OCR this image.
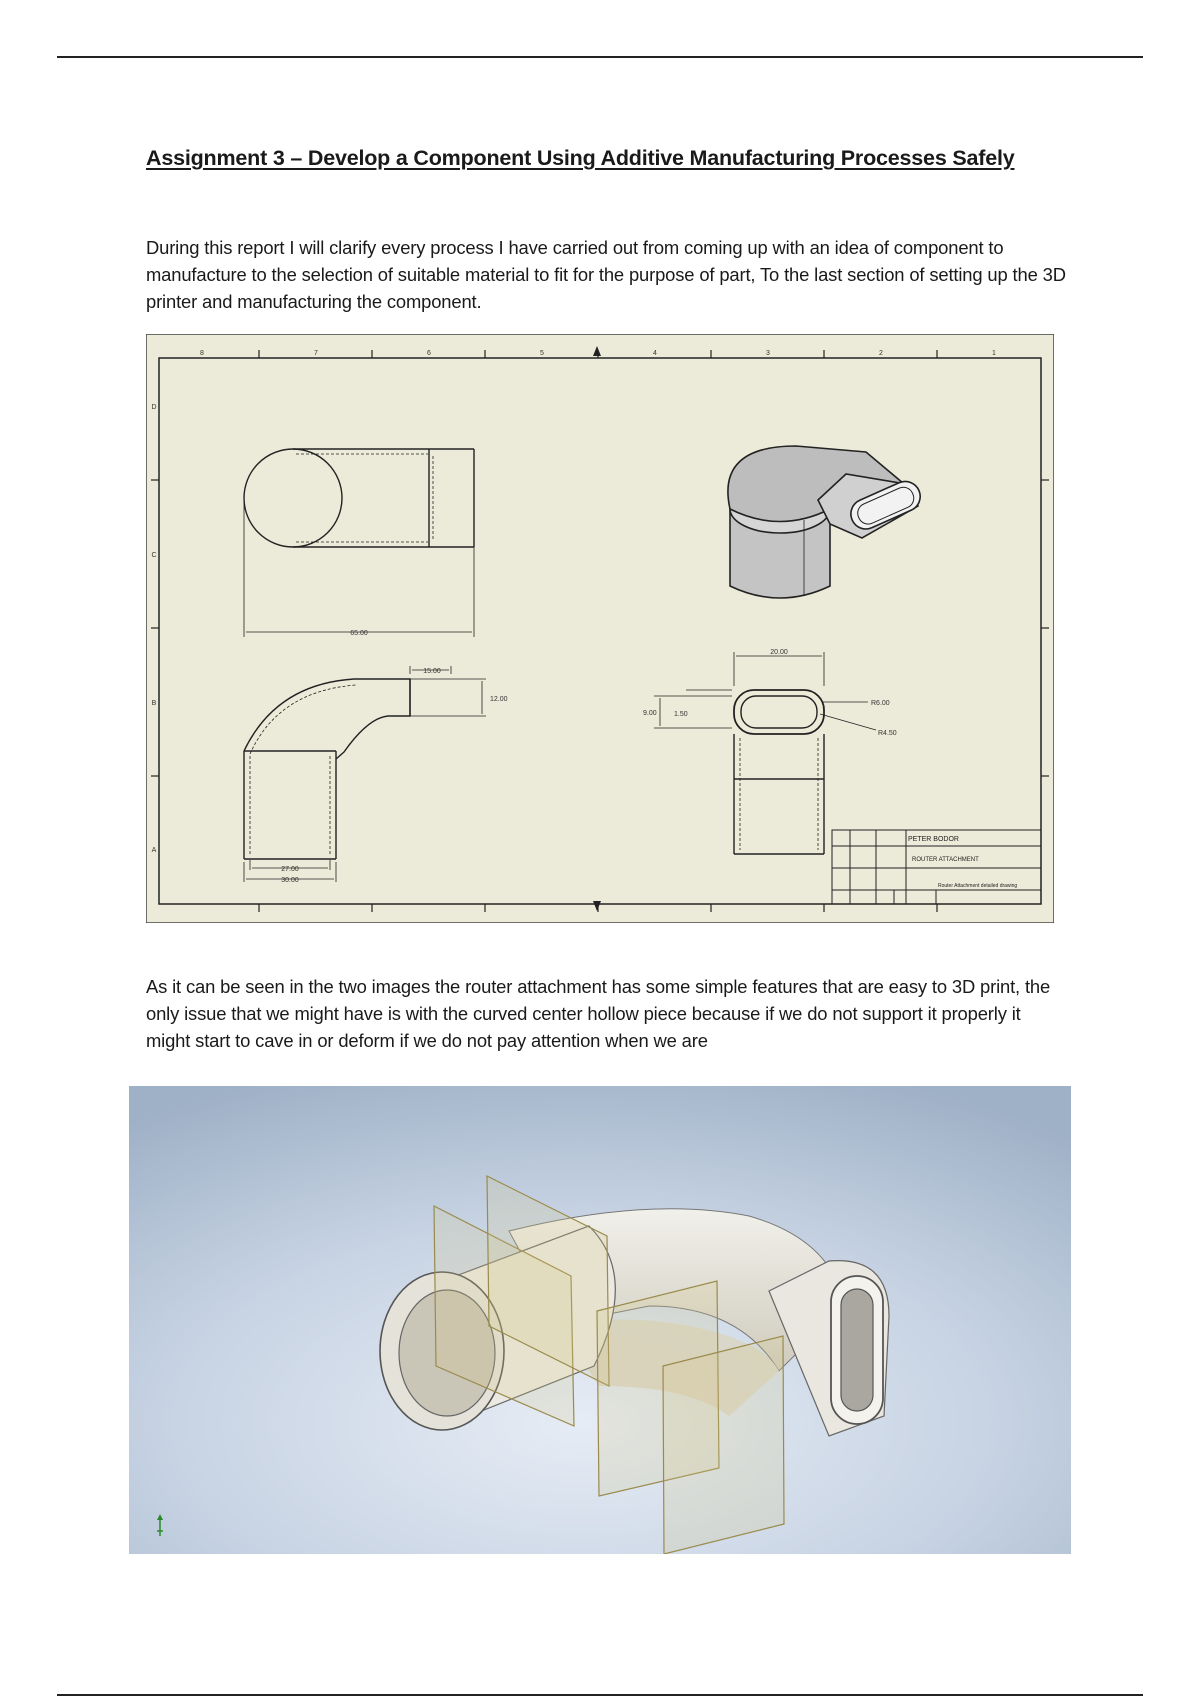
Assignment 3 – Develop a Component Using Additive Manufacturing Processes Safely
During this report I will clarify every process I have carried out from coming up with an idea of component to manufacture to the selection of suitable material to fit for the purpose of part, To the last section of setting up the 3D printer and manufacturing the component.
8	7	6	5	4	3	2	1
D
C
B
A
65.00
15.00
12.00
27.00
30.00
20.00
9.00 1.50
R6.00
R4.50
PETER BODOR
ROUTER ATTACHMENT
Router Attachment detailed drawing
As it can be seen in the two images the router attachment has some simple features that are easy to 3D print, the only issue that we might have is with the curved center hollow piece because if we do not support it properly it might start to cave in or deform if we do not pay attention when we are
